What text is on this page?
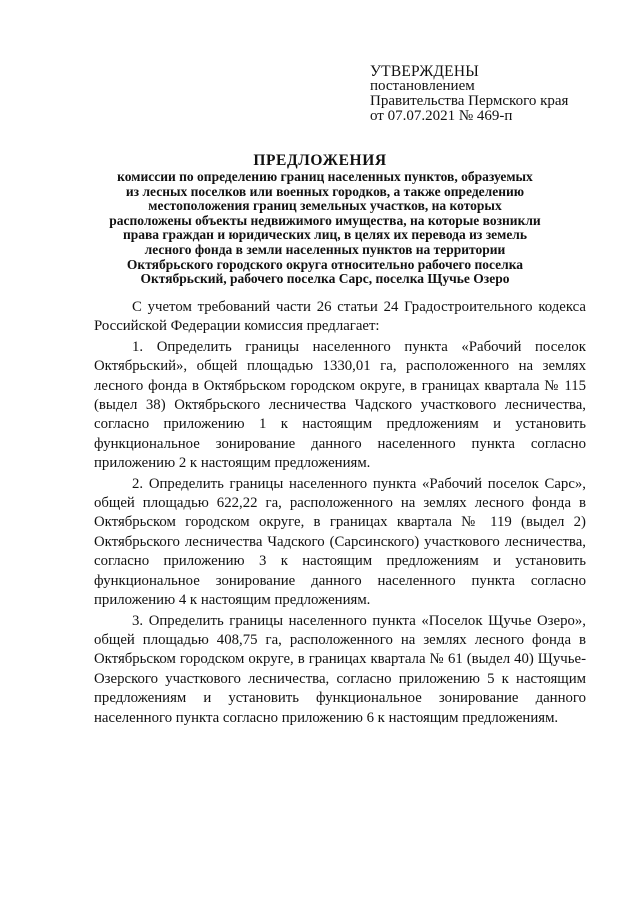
УТВЕРЖДЕНЫ
постановлением
Правительства Пермского края
от 07.07.2021 № 469-п
ПРЕДЛОЖЕНИЯ
комиссии по определению границ населенных пунктов, образуемых
из лесных поселков или военных городков, а также определению
местоположения границ земельных участков, на которых
расположены объекты недвижимого имущества, на которые возникли
права граждан и юридических лиц, в целях их перевода из земель
лесного фонда в земли населенных пунктов на территории
Октябрьского городского округа относительно рабочего поселка
Октябрьский, рабочего поселка Сарс, поселка Щучье Озеро

С учетом требований части 26 статьи 24 Градостроительного кодекса Российской Федерации комиссия предлагает:

1. Определить границы населенного пункта «Рабочий поселок Октябрьский», общей площадью 1330,01 га, расположенного на землях лесного фонда в Октябрьском городском округе, в границах квартала № 115 (выдел 38) Октябрьского лесничества Чадского участкового лесничества, согласно приложению 1 к настоящим предложениям и установить функциональное зонирование данного населенного пункта согласно приложению 2 к настоящим предложениям.

2. Определить границы населенного пункта «Рабочий поселок Сарс», общей площадью 622,22 га, расположенного на землях лесного фонда в Октябрьском городском округе, в границах квартала № 119 (выдел 2) Октябрьского лесничества Чадского (Сарсинского) участкового лесничества, согласно приложению 3 к настоящим предложениям и установить функциональное зонирование данного населенного пункта согласно приложению 4 к настоящим предложениям.

3. Определить границы населенного пункта «Поселок Щучье Озеро», общей площадью 408,75 га, расположенного на землях лесного фонда в Октябрьском городском округе, в границах квартала № 61 (выдел 40) Щучье-Озерского участкового лесничества, согласно приложению 5 к настоящим предложениям и установить функциональное зонирование данного населенного пункта согласно приложению 6 к настоящим предложениям.
